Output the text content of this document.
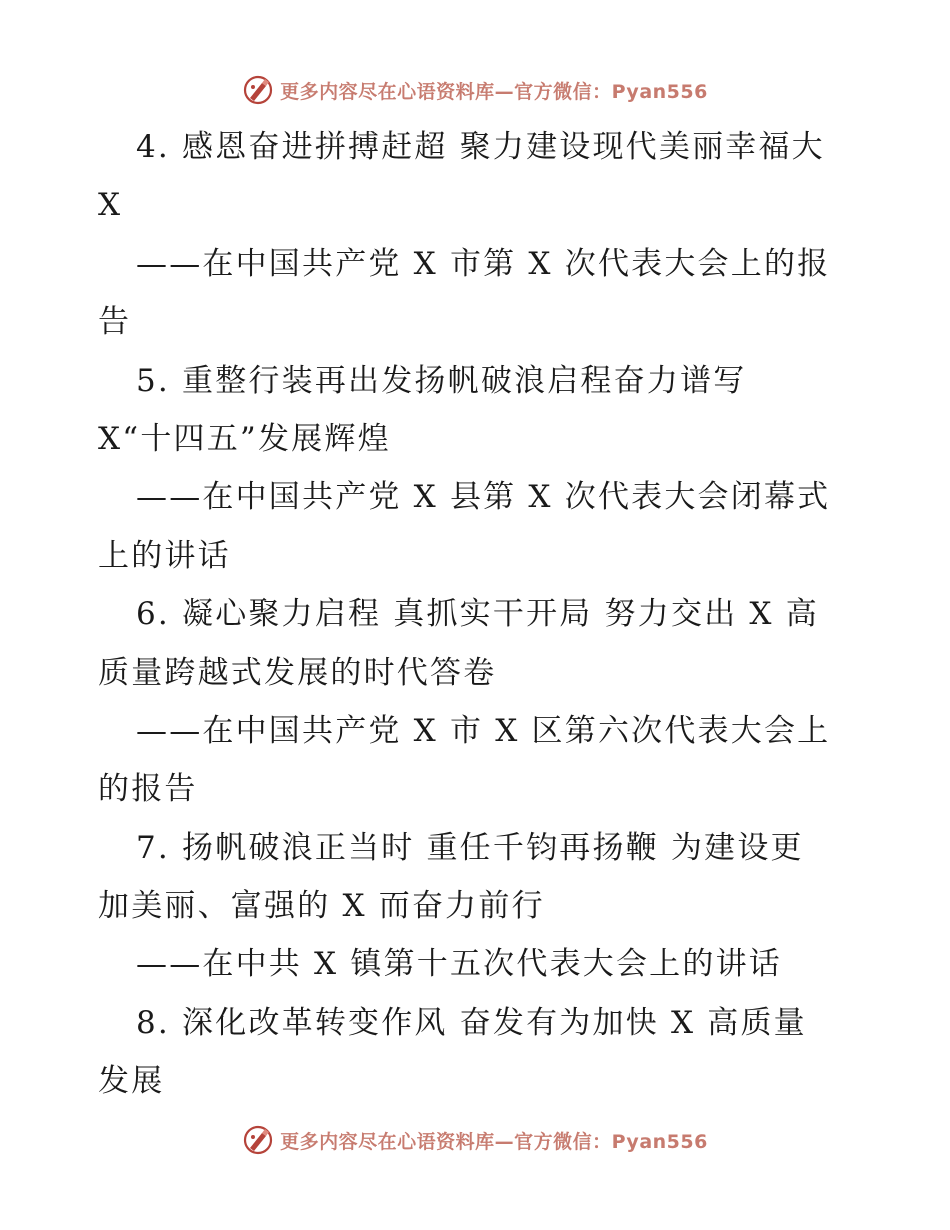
更多内容尽在心语资料库—官方微信：Pyan556
4. 感恩奋进拼搏赶超 聚力建设现代美丽幸福大
X
——在中国共产党 X 市第 X 次代表大会上的报
告
5. 重整行装再出发扬帆破浪启程奋力谱写
X“十四五”发展辉煌
——在中国共产党 X 县第 X 次代表大会闭幕式
上的讲话
6. 凝心聚力启程 真抓实干开局 努力交出 X 高
质量跨越式发展的时代答卷
——在中国共产党 X 市 X 区第六次代表大会上
的报告
7. 扬帆破浪正当时 重任千钧再扬鞭 为建设更
加美丽、富强的 X 而奋力前行
——在中共 X 镇第十五次代表大会上的讲话
8. 深化改革转变作风 奋发有为加快 X 高质量
发展
更多内容尽在心语资料库—官方微信：Pyan556
